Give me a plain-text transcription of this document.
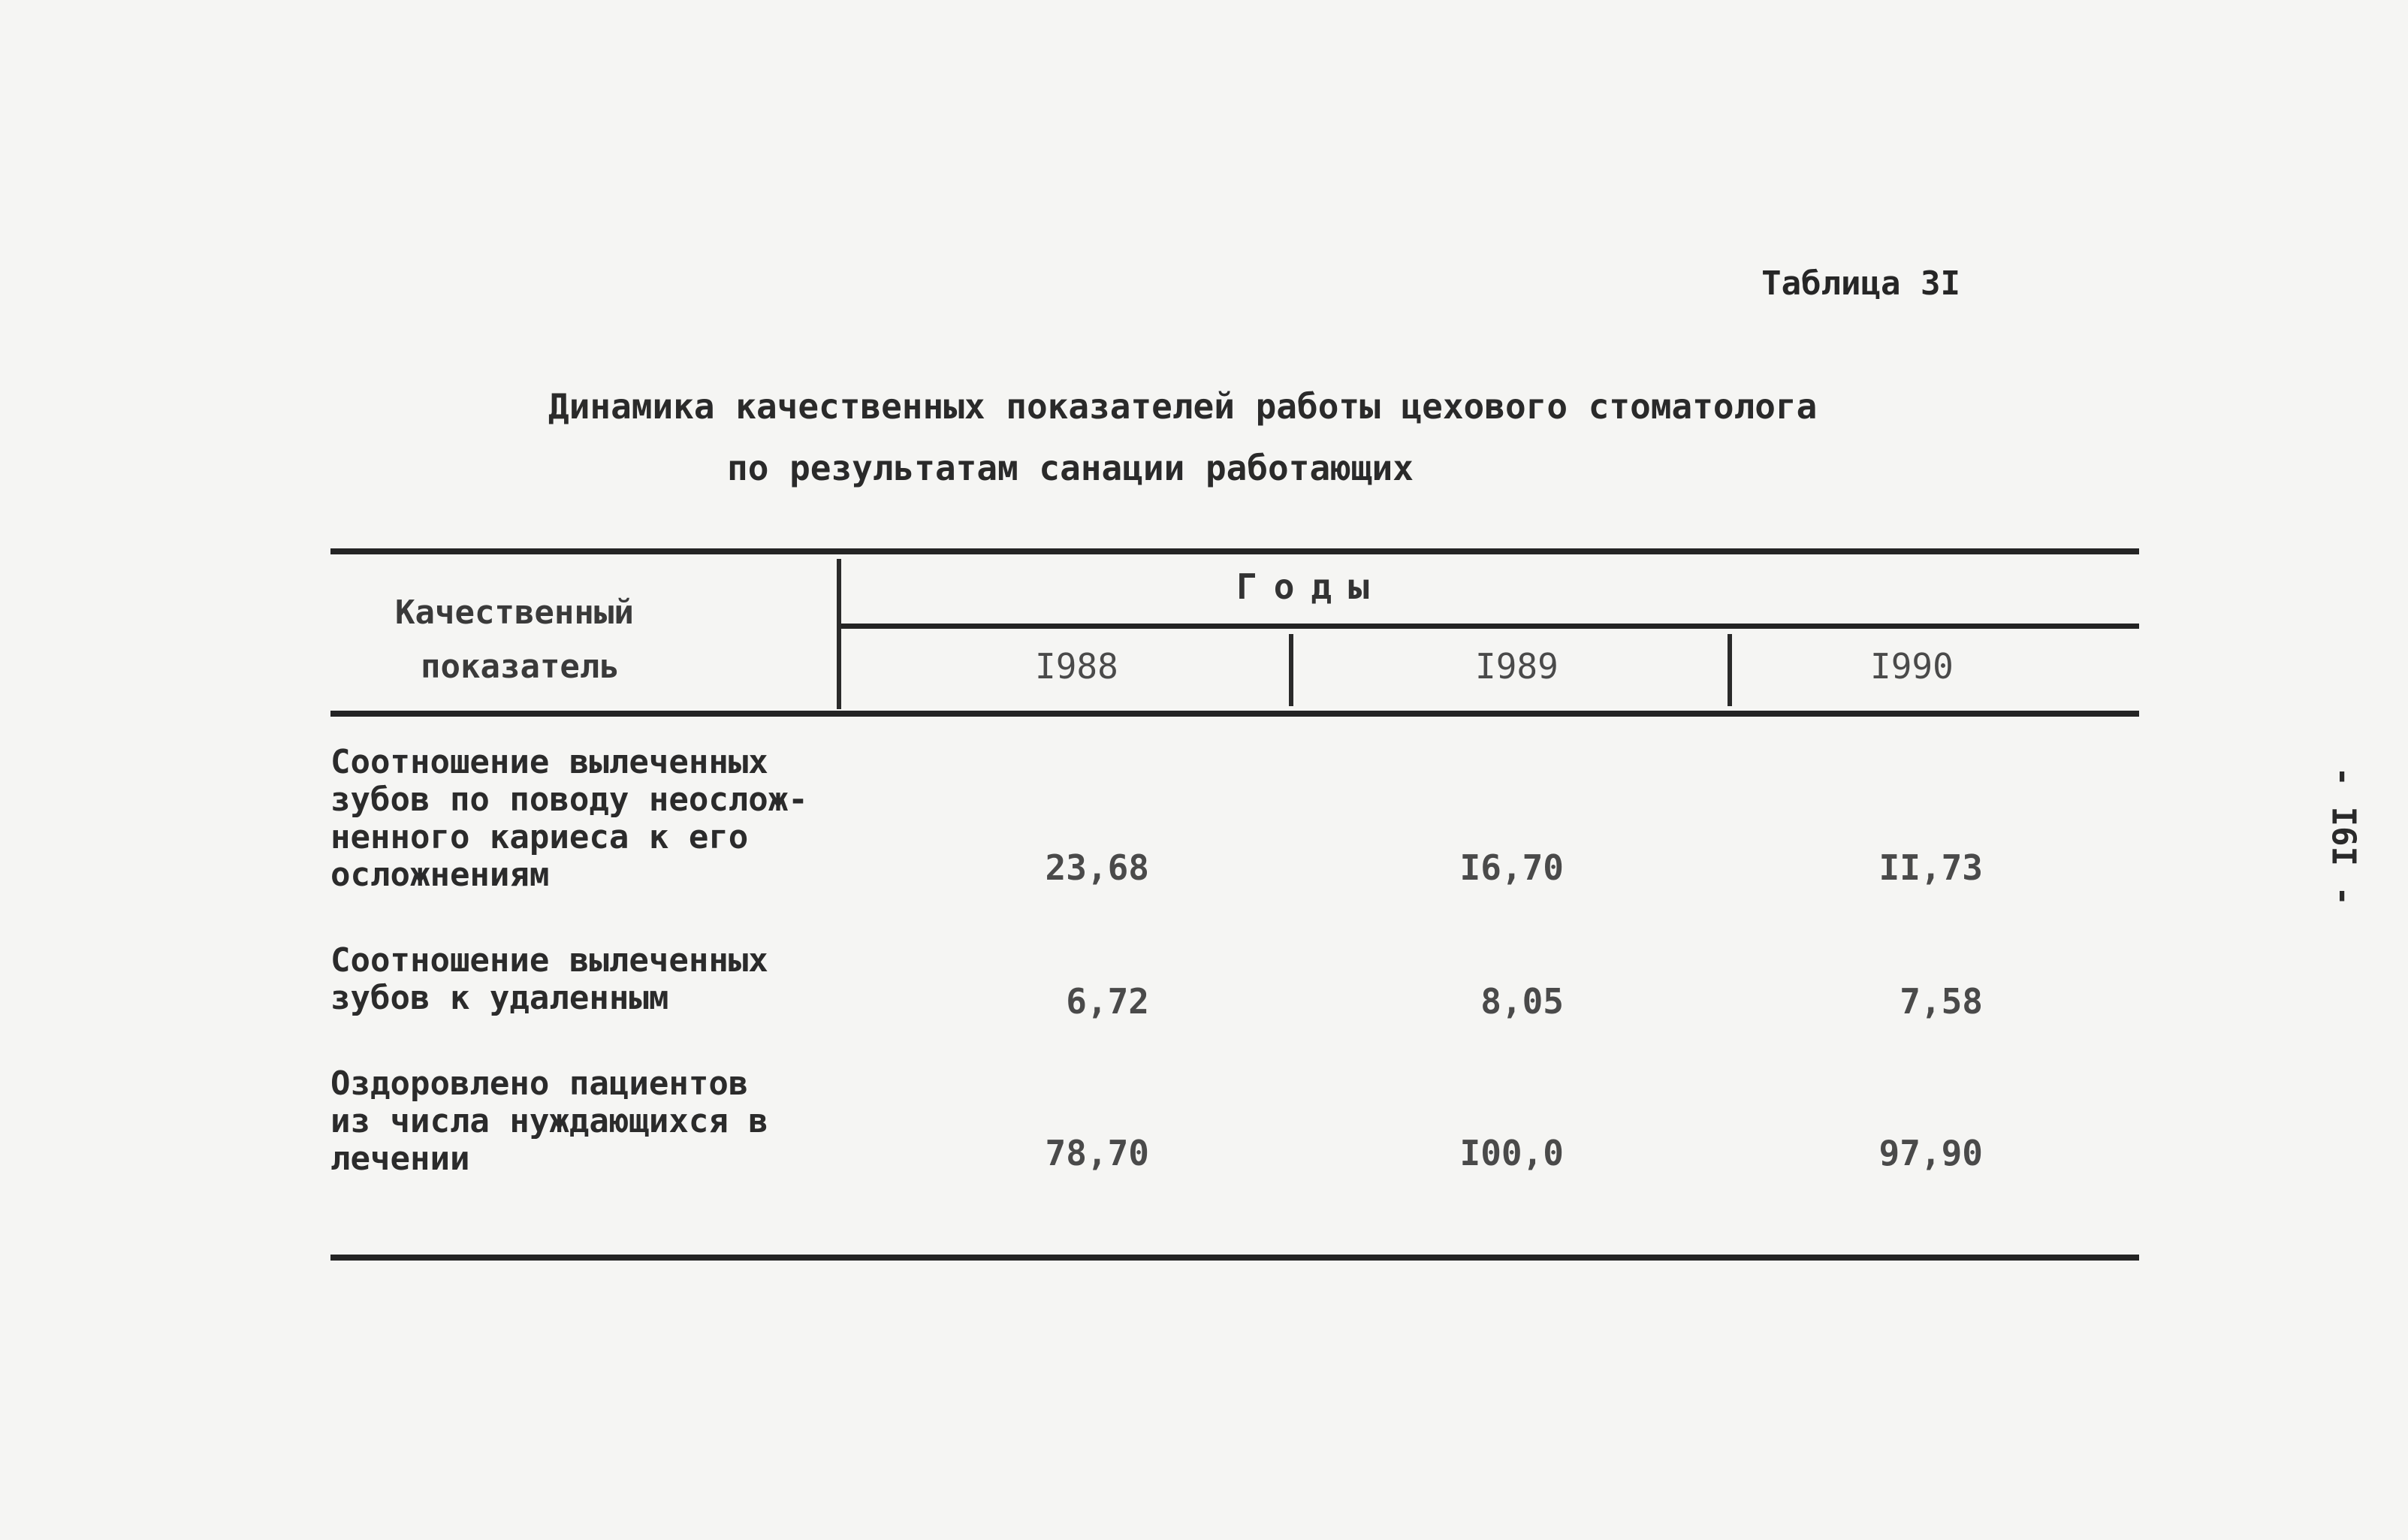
Таблица 3I
Динамика качественных показателей работы цехового стоматолога
по результатам санации работающих
Качественный
показатель
Годы
I988	I989	I990
Соотношение вылеченных
зубов по поводу неослож-
ненного кариеса к его
осложнениям	23,68	I6,70	II,73
Соотношение вылеченных
зубов к удаленным	6,72	8,05	7,58
Оздоровлено пациентов
из числа нуждающихся в
лечении	78,70	I00,0	97,90
- I6I -
